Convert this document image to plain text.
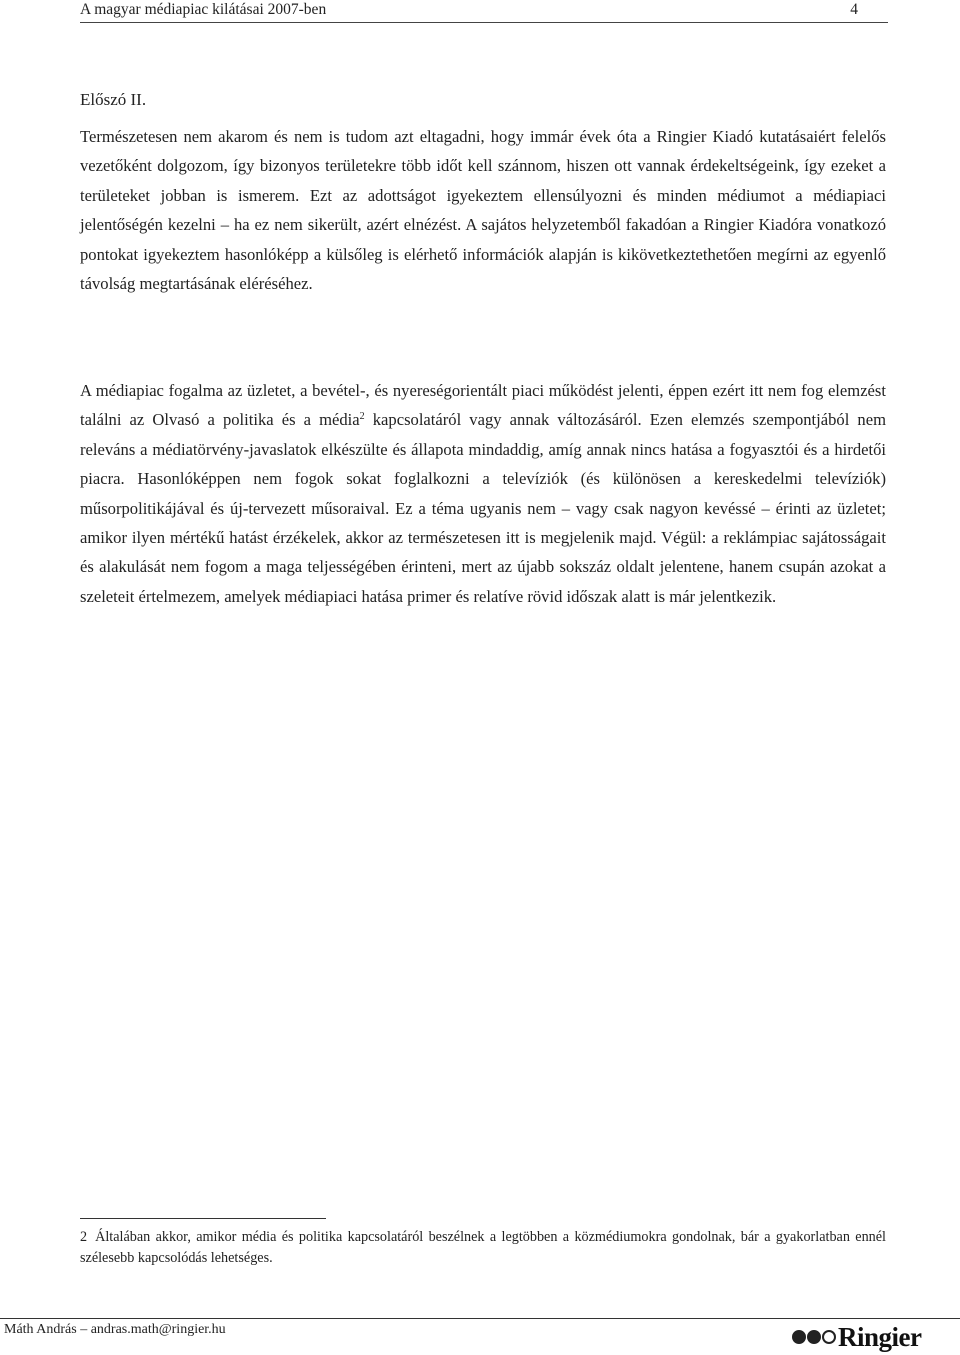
A magyar médiapiac kilátásai 2007-ben	4
Előszó II.
Természetesen nem akarom és nem is tudom azt eltagadni, hogy immár évek óta a Ringier Kiadó kutatásaiért felelős vezetőként dolgozom, így bizonyos területekre több időt kell szánnom, hiszen ott vannak érdekeltségeink, így ezeket a területeket jobban is ismerem. Ezt az adottságot igyekeztem ellensúlyozni és minden médiumot a médiapiaci jelentőségén kezelni – ha ez nem sikerült, azért elnézést. A sajátos helyzetemből fakadóan a Ringier Kiadóra vonatkozó pontokat igyekeztem hasonlóképp a külsőleg is elérhető információk alapján is kikövetkeztethetően megírni az egyenlő távolság megtartásának eléréséhez.
A médiapiac fogalma az üzletet, a bevétel-, és nyereségorientált piaci működést jelenti, éppen ezért itt nem fog elemzést találni az Olvasó a politika és a média$^2$ kapcsolatáról vagy annak változásáról. Ezen elemzés szempontjából nem releváns a médiatörvény-javaslatok elkészülte és állapota mindaddig, amíg annak nincs hatása a fogyasztói és a hirdetői piacra. Hasonlóképpen nem fogok sokat foglalkozni a televíziók (és különösen a kereskedelmi televíziók) műsorpolitikájával és új-tervezett műsoraival. Ez a téma ugyanis nem – vagy csak nagyon kevéssé – érinti az üzletet; amikor ilyen mértékű hatást érzékelek, akkor az természetesen itt is megjelenik majd. Végül: a reklámpiac sajátosságait és alakulását nem fogom a maga teljességében érinteni, mert az újabb sokszáz oldalt jelentene, hanem csupán azokat a szeleteit értelmezem, amelyek médiapiaci hatása primer és relatíve rövid időszak alatt is már jelentkezik.
2 Általában akkor, amikor média és politika kapcsolatáról beszélnek a legtöbben a közmédiumokra gondolnak, bár a gyakorlatban ennél szélesebb kapcsolódás lehetséges.
Máth András – andras.math@ringier.hu	Ringier
